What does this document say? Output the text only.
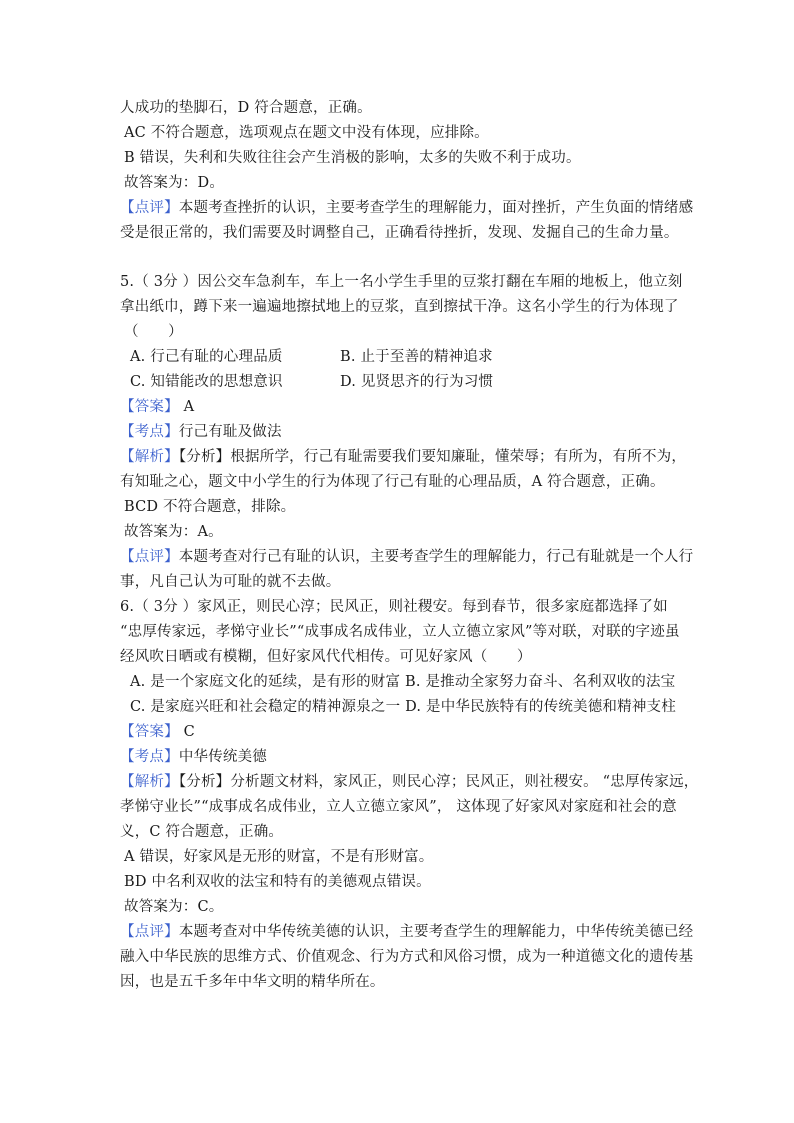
人成功的垫脚石，D 符合题意，正确。
AC 不符合题意，选项观点在题文中没有体现，应排除。
B 错误，失利和失败往往会产生消极的影响，太多的失败不利于成功。
故答案为：D。
【点评】本题考查挫折的认识，主要考查学生的理解能力，面对挫折，产生负面的情绪感
受是很正常的，我们需要及时调整自己，正确看待挫折，发现、发掘自己的生命力量。
5.（ 3分 ）因公交车急刹车，车上一名小学生手里的豆浆打翻在车厢的地板上，他立刻
拿出纸巾，蹲下来一遍遍地擦拭地上的豆浆，直到擦拭干净。这名小学生的行为体现了
（　　）
A. 行己有耻的心理品质	B. 止于至善的精神追求
C. 知错能改的思想意识	D. 见贤思齐的行为习惯
【答案】 A
【考点】行己有耻及做法
【解析】【分析】根据所学，行己有耻需要我们要知廉耻，懂荣辱；有所为，有所不为，
有知耻之心，题文中小学生的行为体现了行己有耻的心理品质，A 符合题意，正确。
BCD 不符合题意，排除。
故答案为：A。
【点评】本题考查对行己有耻的认识，主要考查学生的理解能力，行己有耻就是一个人行
事，凡自己认为可耻的就不去做。
6.（ 3分 ）家风正，则民心淳；民风正，则社稷安。每到春节，很多家庭都选择了如
“忠厚传家远，孝悌守业长”“成事成名成伟业，立人立德立家风”等对联，对联的字迹虽
经风吹日晒或有模糊，但好家风代代相传。可见好家风（　　）
A. 是一个家庭文化的延续，是有形的财富 B. 是推动全家努力奋斗、名利双收的法宝
C. 是家庭兴旺和社会稳定的精神源泉之一 D. 是中华民族特有的传统美德和精神支柱
【答案】 C
【考点】中华传统美德
【解析】【分析】分析题文材料，家风正，则民心淳；民风正，则社稷安。 “忠厚传家远，
孝悌守业长”“成事成名成伟业，立人立德立家风”， 这体现了好家风对家庭和社会的意
义，C 符合题意，正确。
A 错误，好家风是无形的财富，不是有形财富。
BD 中名利双收的法宝和特有的美德观点错误。
故答案为：C。
【点评】本题考查对中华传统美德的认识，主要考查学生的理解能力，中华传统美德已经
融入中华民族的思维方式、价值观念、行为方式和风俗习惯，成为一种道德文化的遗传基
因，也是五千多年中华文明的精华所在。
